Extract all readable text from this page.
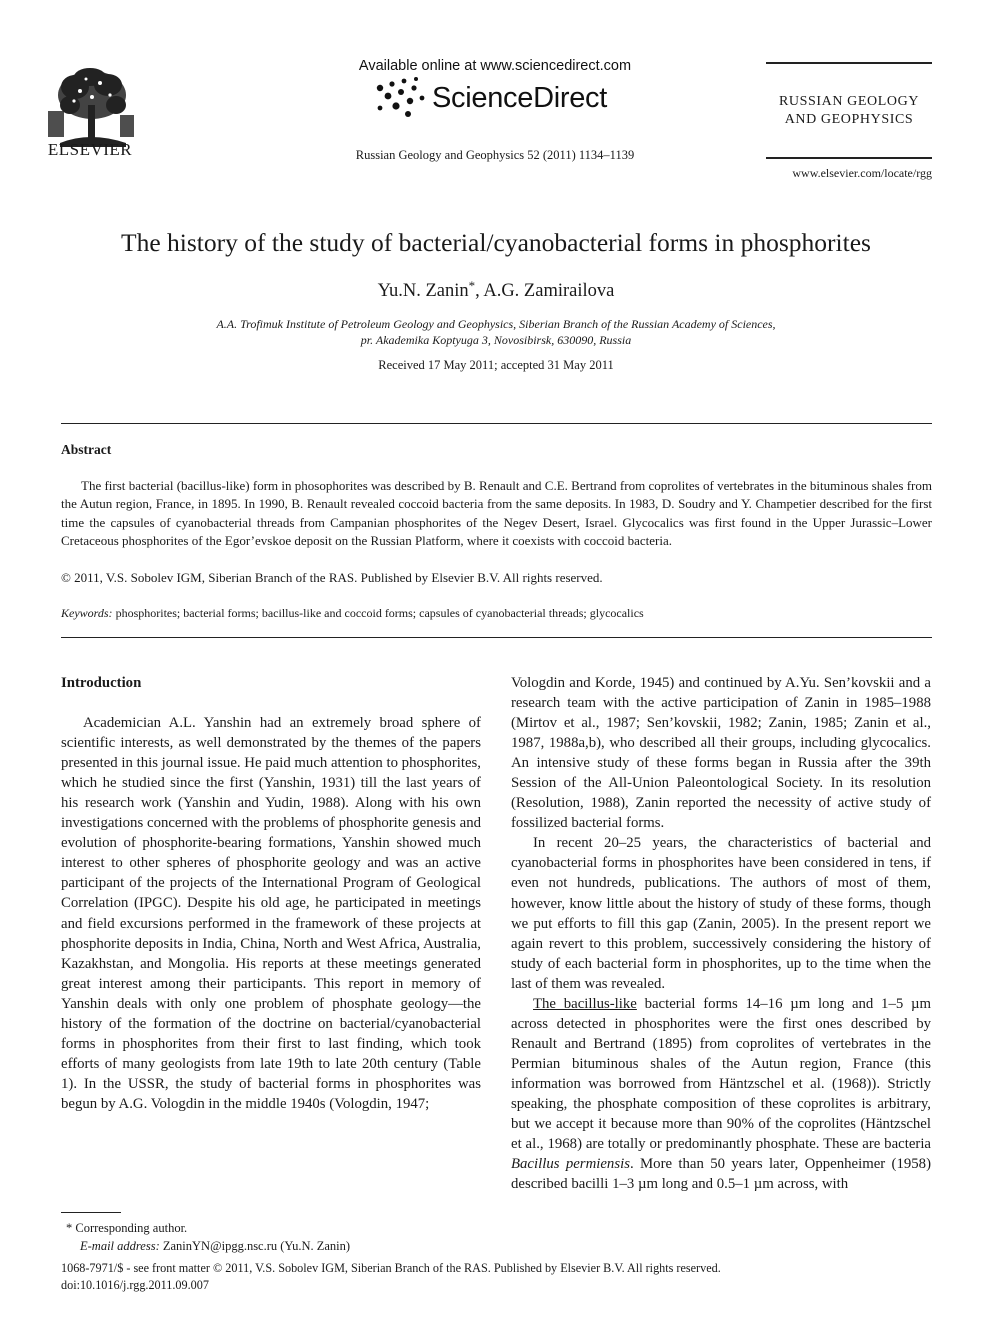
ELSEVIER
Available online at www.sciencedirect.com
ScienceDirect
Russian Geology and Geophysics 52 (2011) 1134–1139
RUSSIAN GEOLOGY
AND GEOPHYSICS
www.elsevier.com/locate/rgg
The history of the study of bacterial/cyanobacterial forms in phosphorites
Yu.N. Zanin*, A.G. Zamirailova
A.A. Trofimuk Institute of Petroleum Geology and Geophysics, Siberian Branch of the Russian Academy of Sciences,
pr. Akademika Koptyuga 3, Novosibirsk, 630090, Russia
Received 17 May 2011; accepted 31 May 2011
Abstract
The first bacterial (bacillus-like) form in phosophorites was described by B. Renault and C.E. Bertrand from coprolites of vertebrates in the bituminous shales from the Autun region, France, in 1895. In 1990, B. Renault revealed coccoid bacteria from the same deposits. In 1983, D. Soudry and Y. Champetier described for the first time the capsules of cyanobacterial threads from Campanian phosphorites of the Negev Desert, Israel. Glycocalics was first found in the Upper Jurassic–Lower Cretaceous phosphorites of the Egor’evskoe deposit on the Russian Platform, where it coexists with coccoid bacteria.
© 2011, V.S. Sobolev IGM, Siberian Branch of the RAS. Published by Elsevier B.V. All rights reserved.
Keywords: phosphorites; bacterial forms; bacillus-like and coccoid forms; capsules of cyanobacterial threads; glycocalics
Introduction

Academician A.L. Yanshin had an extremely broad sphere of scientific interests, as well demonstrated by the themes of the papers presented in this journal issue. He paid much attention to phosphorites, which he studied since the first (Yanshin, 1931) till the last years of his research work (Yanshin and Yudin, 1988). Along with his own investigations concerned with the problems of phosphorite genesis and evolution of phosphorite-bearing formations, Yanshin showed much interest to other spheres of phosphorite geology and was an active participant of the projects of the International Program of Geological Correlation (IPGC). Despite his old age, he participated in meetings and field excursions performed in the framework of these projects at phosphorite deposits in India, China, North and West Africa, Australia, Kazakhstan, and Mongolia. His reports at these meetings generated great interest among their participants. This report in memory of Yanshin deals with only one problem of phosphate geology—the history of the formation of the doctrine on bacterial/cyanobacterial forms in phosphorites from their first to last finding, which took efforts of many geologists from late 19th to late 20th century (Table 1). In the USSR, the study of bacterial forms in phosphorites was begun by A.G. Vologdin in the middle 1940s (Vologdin, 1947;

Vologdin and Korde, 1945) and continued by A.Yu. Sen’kovskii and a research team with the active participation of Zanin in 1985–1988 (Mirtov et al., 1987; Sen’kovskii, 1982; Zanin, 1985; Zanin et al., 1987, 1988a,b), who described all their groups, including glycocalics. An intensive study of these forms began in Russia after the 39th Session of the All-Union Paleontological Society. In its resolution (Resolution, 1988), Zanin reported the necessity of active study of fossilized bacterial forms.

In recent 20–25 years, the characteristics of bacterial and cyanobacterial forms in phosphorites have been considered in tens, if even not hundreds, publications. The authors of most of them, however, know little about the history of study of these forms, though we put efforts to fill this gap (Zanin, 2005). In the present report we again revert to this problem, successively considering the history of study of each bacterial form in phosphorites, up to the time when the last of them was revealed.

The bacillus-like bacterial forms 14–16 µm long and 1–5 µm across detected in phosphorites were the first ones described by Renault and Bertrand (1895) from coprolites of vertebrates in the Permian bituminous shales of the Autun region, France (this information was borrowed from Häntzschel et al. (1968)). Strictly speaking, the phosphate composition of these coprolites is arbitrary, but we accept it because more than 90% of the coprolites (Häntzschel et al., 1968) are totally or predominantly phosphate. These are bacteria Bacillus permiensis. More than 50 years later, Oppenheimer (1958) described bacilli 1–3 µm long and 0.5–1 µm across, with

* Corresponding author.
E-mail address: ZaninYN@ipgg.nsc.ru (Yu.N. Zanin)
1068-7971/$ - see front matter © 2011, V.S. Sobolev IGM, Siberian Branch of the RAS. Published by Elsevier B.V. All rights reserved.
doi:10.1016/j.rgg.2011.09.007
